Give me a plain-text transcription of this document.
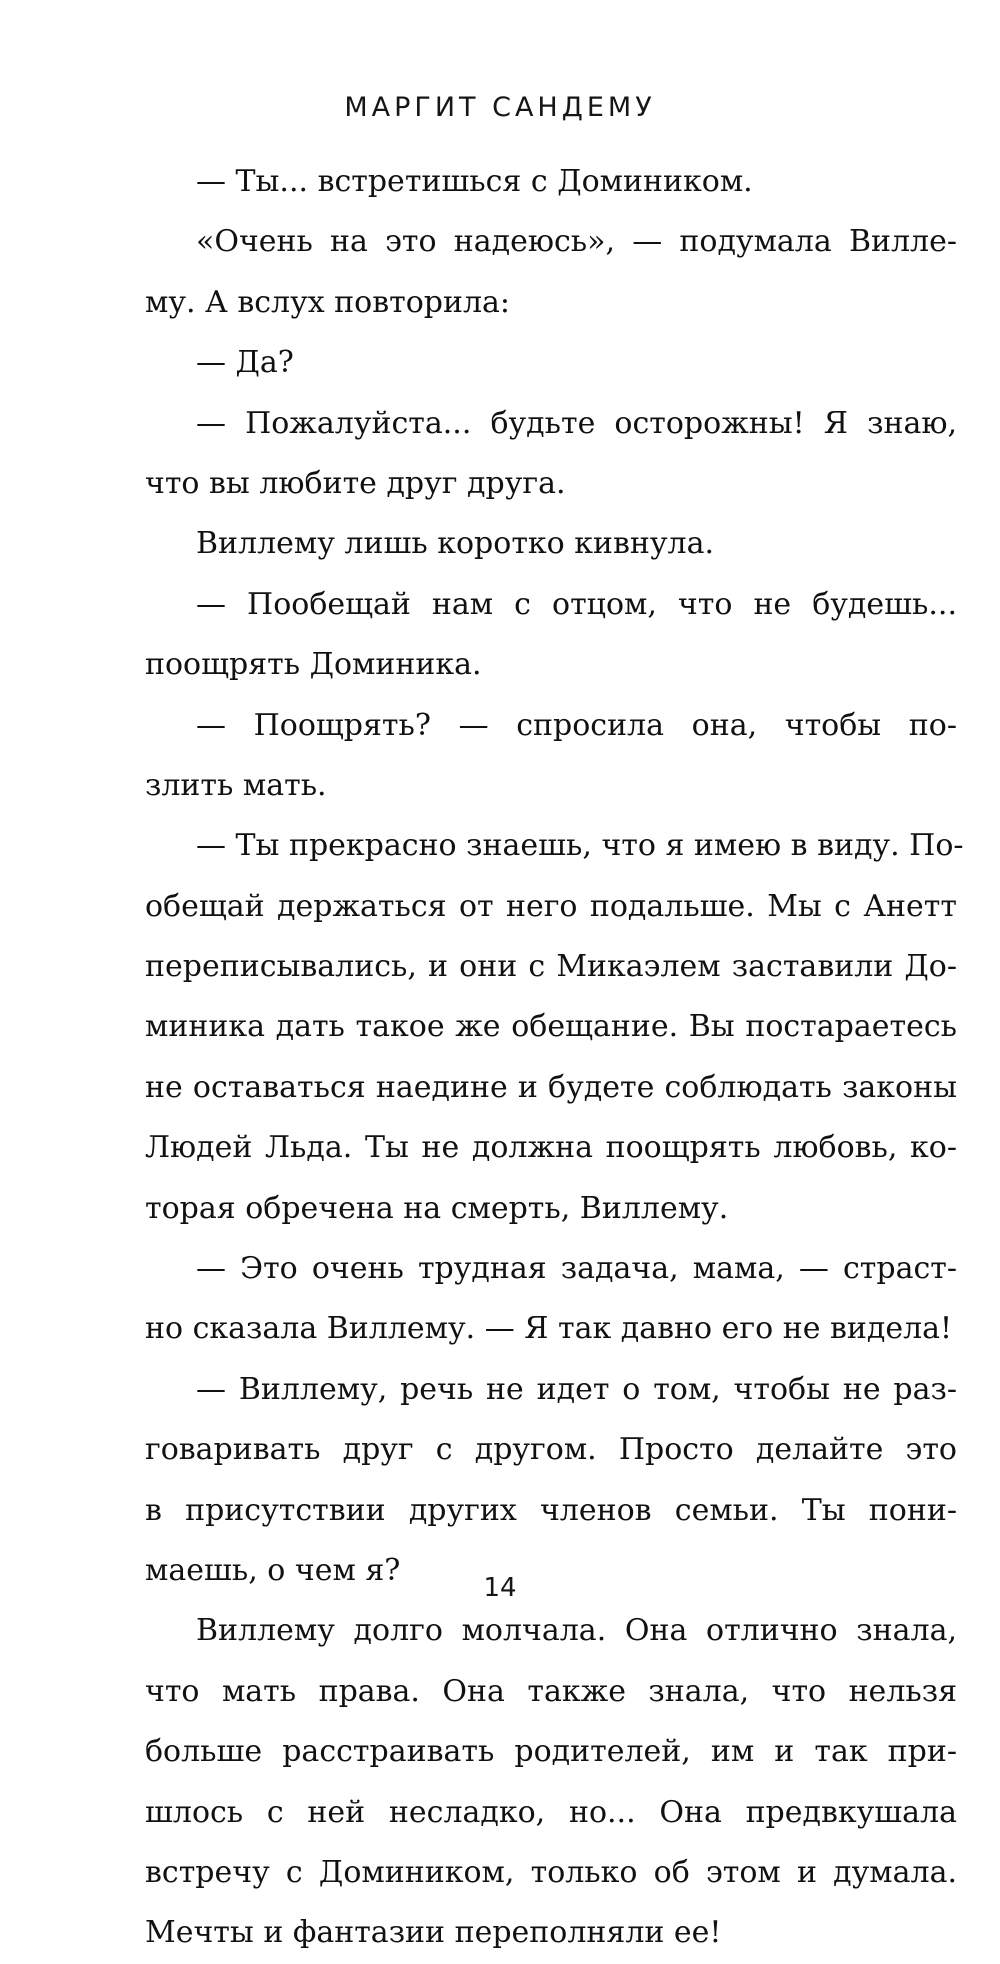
МАРГИТ САНДЕМУ
— Ты... встретишься с Домиником.
«Очень на это надеюсь», — подумала Вилле-
му. А вслух повторила:
— Да?
— Пожалуйста... будьте осторожны! Я знаю,
что вы любите друг друга.
Виллему лишь коротко кивнула.
— Пообещай нам с отцом, что не будешь...
поощрять Доминика.
— Поощрять? — спросила она, чтобы по-
злить мать.
— Ты прекрасно знаешь, что я имею в виду. По-
обещай держаться от него подальше. Мы с Анетт
переписывались, и они с Микаэлем заставили До-
миника дать такое же обещание. Вы постараетесь
не оставаться наедине и будете соблюдать законы
Людей Льда. Ты не должна поощрять любовь, ко-
торая обречена на смерть, Виллему.
— Это очень трудная задача, мама, — страст-
но сказала Виллему. — Я так давно его не видела!
— Виллему, речь не идет о том, чтобы не раз-
говаривать друг с другом. Просто делайте это
в присутствии других членов семьи. Ты пони-
маешь, о чем я?
Виллему долго молчала. Она отлично знала,
что мать права. Она также знала, что нельзя
больше расстраивать родителей, им и так при-
шлось с ней несладко, но... Она предвкушала
встречу с Домиником, только об этом и думала.
Мечты и фантазии переполняли ее!
14
